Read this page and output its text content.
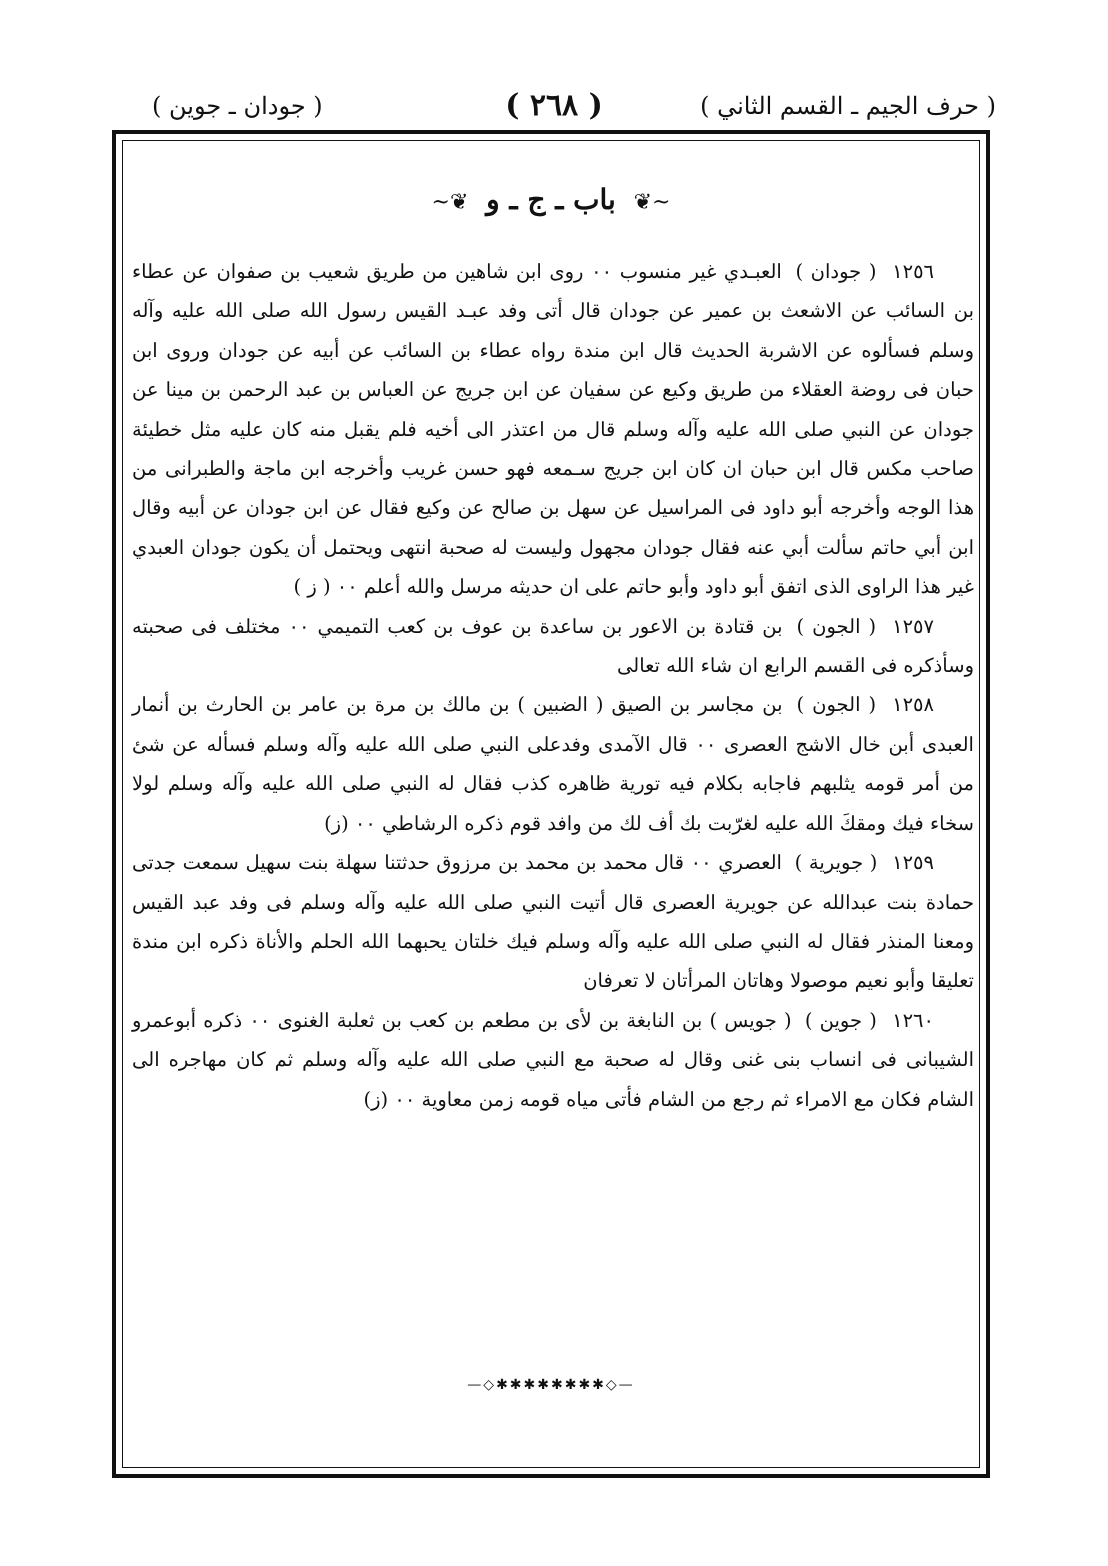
( حرف الجيم ـ القسم الثاني )
( ٢٦٨ )
( جودان ـ جوين )
~❦ باب ـ ج ـ و ❦~

١٢٥٦ ( جودان ) العبـدي غير منسوب ٠٠ روى ابن شاهين من طريق شعيب بن صفوان عن عطاء بن السائب عن الاشعث بن عمير عن جودان قال أتى وفد عبـد القيس رسول الله صلى الله عليه وآله وسلم فسألوه عن الاشربة الحديث قال ابن مندة رواه عطاء بن السائب عن أبيه عن جودان وروى ابن حبان فى روضة العقلاء من طريق وكيع عن سفيان عن ابن جريج عن العباس بن عبد الرحمن بن مينا عن جودان عن النبي صلى الله عليه وآله وسلم قال من اعتذر الى أخيه فلم يقبل منه كان عليه مثل خطيئة صاحب مكس قال ابن حبان ان كان ابن جريج سـمعه فهو حسن غريب وأخرجه ابن ماجة والطبرانى من هذا الوجه وأخرجه أبو داود فى المراسيل عن سهل بن صالح عن وكيع فقال عن ابن جودان عن أبيه وقال ابن أبي حاتم سألت أبي عنه فقال جودان مجهول وليست له صحبة انتهى ويحتمل أن يكون جودان العبدي غير هذا الراوى الذى اتفق أبو داود وأبو حاتم على ان حديثه مرسل والله أعلم ٠٠ ( ز )

١٢٥٧ ( الجون ) بن قتادة بن الاعور بن ساعدة بن عوف بن كعب التميمي ٠٠ مختلف فى صحبته وسأذكره فى القسم الرابع ان شاء الله تعالى

١٢٥٨ ( الجون ) بن مجاسر بن الصيق ( الضبين ) بن مالك بن مرة بن عامر بن الحارث بن أنمار العبدى أبن خال الاشج العصرى ٠٠ قال الآمدى وفدعلى النبي صلى الله عليه وآله وسلم فسأله عن شئ من أمر قومه يثلبهم فاجابه بكلام فيه تورية ظاهره كذب فقال له النبي صلى الله عليه وآله وسلم لولا سخاء فيك ومقكَ الله عليه لغرّبت بك أف لك من وافد قوم ذكره الرشاطي ٠٠ (ز)

١٢٥٩ ( جويرية ) العصري ٠٠ قال محمد بن محمد بن مرزوق حدثتنا سهلة بنت سهيل سمعت جدتى حمادة بنت عبدالله عن جويرية العصرى قال أتيت النبي صلى الله عليه وآله وسلم فى وفد عبد القيس ومعنا المنذر فقال له النبي صلى الله عليه وآله وسلم فيك خلتان يحبهما الله الحلم والأناة ذكره ابن مندة تعليقا وأبو نعيم موصولا وهاتان المرأتان لا تعرفان

١٢٦٠ ( جوين ) ( جويس ) بن النابغة بن لأى بن مطعم بن كعب بن ثعلبة الغنوى ٠٠ ذكره أبوعمرو الشيبانى فى انساب بنى غنى وقال له صحبة مع النبي صلى الله عليه وآله وسلم ثم كان مهاجره الى الشام فكان مع الامراء ثم رجع من الشام فأتى مياه قومه زمن معاوية ٠٠ (ز)

—◇✱✱✱✱✱✱✱✱◇—
